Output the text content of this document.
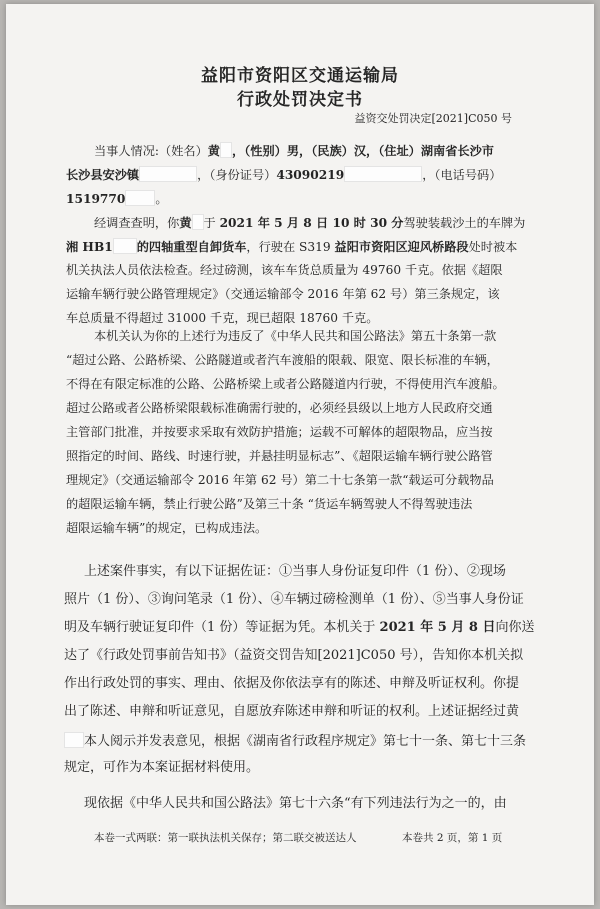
益阳市资阳区交通运输局
行政处罚决定书
益资交处罚决定[2021]C050 号
当事人情况:（姓名）黄 ，（性别）男，（民族）汉，（住址）湖南省长沙市
长沙县安沙镇	，（身份证号）43090219	，（电话号码）
1519770 。
经调查查明，你黄 于 2021 年 5 月 8 日 10 时 30 分驾驶装载沙土的车牌为
湘 HB1 的四轴重型自卸货车，行驶在 S319 益阳市资阳区迎风桥路段处时被本
机关执法人员依法检查。经过磅测，该车车货总质量为 49760 千克。依据《超限
运输车辆行驶公路管理规定》（交通运输部令 2016 年第 62 号）第三条规定，该
车总质量不得超过 31000 千克，现已超限 18760 千克。
本机关认为你的上述行为违反了《中华人民共和国公路法》第五十条第一款
“超过公路、公路桥梁、公路隧道或者汽车渡船的限载、限宽、限长标准的车辆，
不得在有限定标准的公路、公路桥梁上或者公路隧道内行驶，不得使用汽车渡船。
超过公路或者公路桥梁限载标准确需行驶的，必须经县级以上地方人民政府交通
主管部门批准，并按要求采取有效防护措施；运载不可解体的超限物品，应当按
照指定的时间、路线、时速行驶，并悬挂明显标志”、《超限运输车辆行驶公路管
理规定》（交通运输部令 2016 年第 62 号）第二十七条第一款“载运可分载物品
的超限运输车辆，禁止行驶公路”及第三十条 “货运车辆驾驶人不得驾驶违法
超限运输车辆”的规定，已构成违法。
上述案件事实，有以下证据佐证：①当事人身份证复印件（1 份）、②现场
照片（1 份）、③询问笔录（1 份）、④车辆过磅检测单（1 份）、⑤当事人身份证
明及车辆行驶证复印件（1 份）等证据为凭。本机关于 2021 年 5 月 8 日向你送
达了《行政处罚事前告知书》（益资交罚告知[2021]C050 号），告知你本机关拟
作出行政处罚的事实、理由、依据及你依法享有的陈述、申辩及听证权利。你提
出了陈述、申辩和听证意见，自愿放弃陈述申辩和听证的权利。上述证据经过黄
本人阅示并发表意见，根据《湖南省行政程序规定》第七十一条、第七十三条
规定，可作为本案证据材料使用。
现依据《中华人民共和国公路法》第七十六条“有下列违法行为之一的，由
本卷一式两联：第一联执法机关保存；第二联交被送达人	本卷共 2 页，第 1 页
